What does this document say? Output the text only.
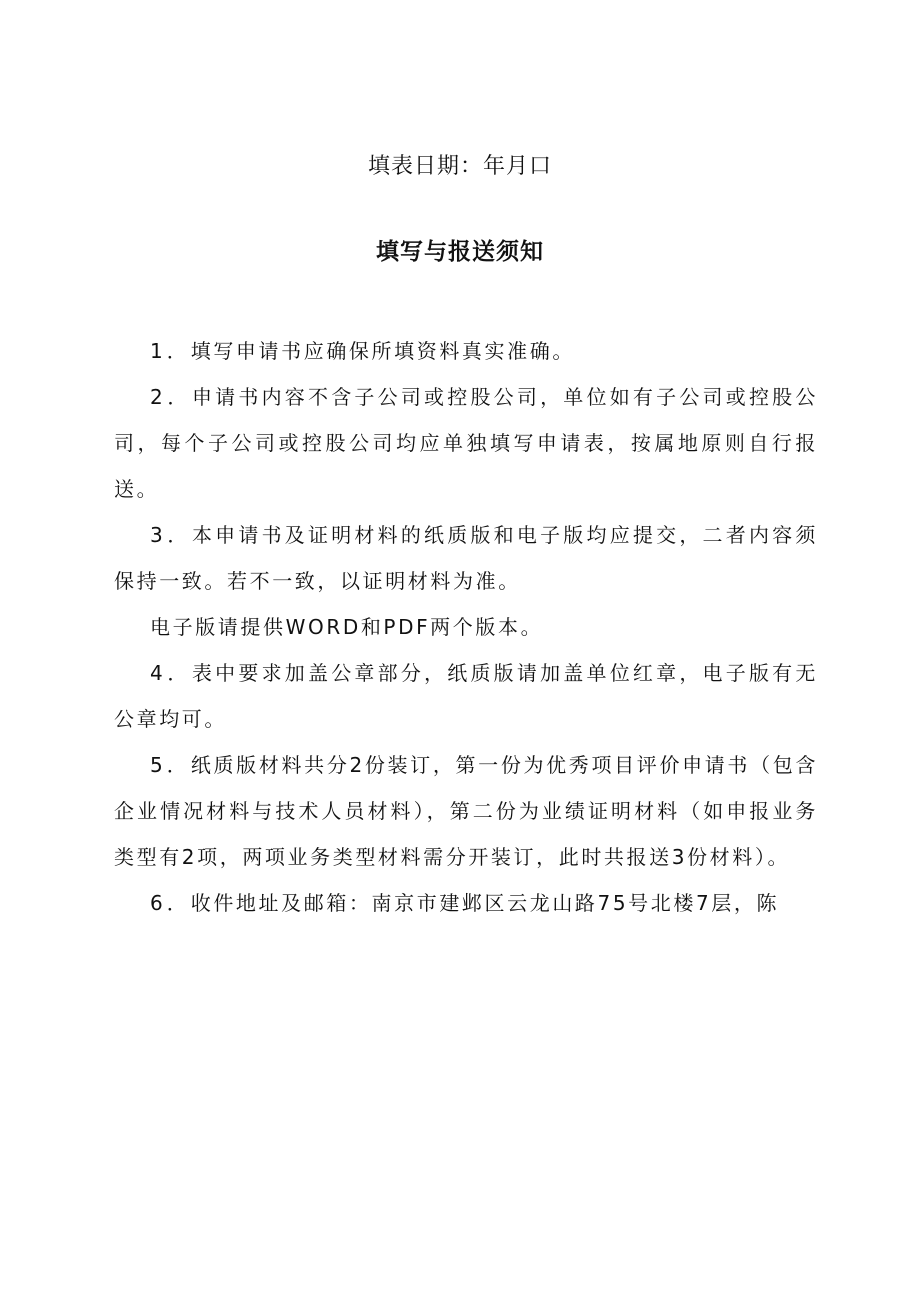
填表日期：年月口
填写与报送须知

1．填写申请书应确保所填资料真实准确。

2．申请书内容不含子公司或控股公司，单位如有子公司或控股公司，每个子公司或控股公司均应单独填写申请表，按属地原则自行报送。

3．本申请书及证明材料的纸质版和电子版均应提交，二者内容须保持一致。若不一致，以证明材料为准。

电子版请提供WORD和PDF两个版本。

4．表中要求加盖公章部分，纸质版请加盖单位红章，电子版有无公章均可。

5．纸质版材料共分2份装订，第一份为优秀项目评价申请书（包含企业情况材料与技术人员材料），第二份为业绩证明材料（如申报业务类型有2项，两项业务类型材料需分开装订，此时共报送3份材料）。

6．收件地址及邮箱：南京市建邺区云龙山路75号北楼7层，陈
